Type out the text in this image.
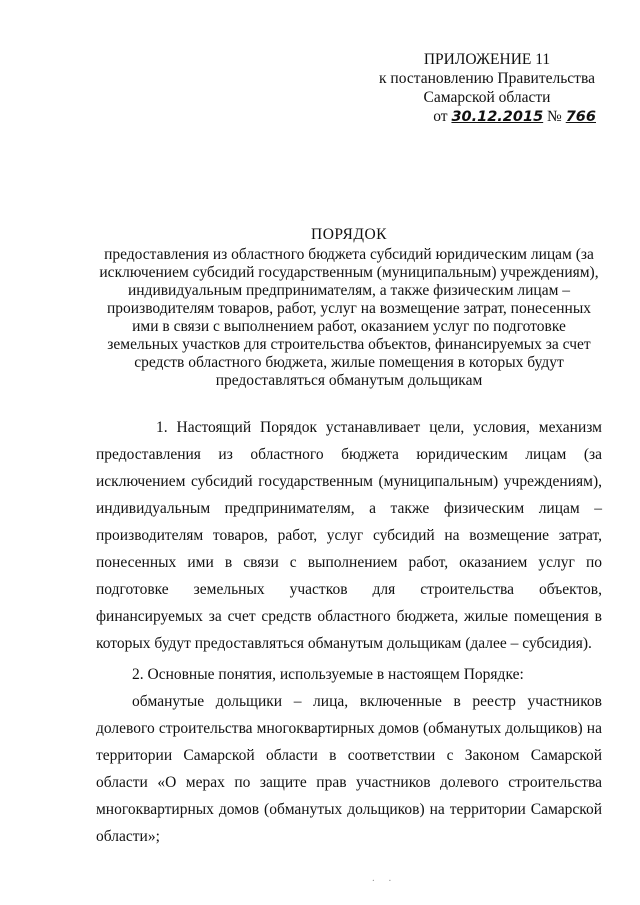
ПРИЛОЖЕНИЕ 11
к постановлению Правительства
Самарской области
от 30.12.2015 № 766
ПОРЯДОК
предоставления из областного бюджета субсидий юридическим лицам (за исключением субсидий государственным (муниципальным) учреждениям), индивидуальным предпринимателям, а также физическим лицам – производителям товаров, работ, услуг на возмещение затрат, понесенных ими в связи с выполнением работ, оказанием услуг по подготовке земельных участков для строительства объектов, финансируемых за счет средств областного бюджета, жилые помещения в которых будут предоставляться обманутым дольщикам

1. Настоящий Порядок устанавливает цели, условия, механизм предоставления из областного бюджета юридическим лицам (за исключением субсидий государственным (муниципальным) учреждениям), индивидуальным предпринимателям, а также физическим лицам – производителям товаров, работ, услуг субсидий на возмещение затрат, понесенных ими в связи с выполнением работ, оказанием услуг по подготовке земельных участков для строительства объектов, финансируемых за счет средств областного бюджета, жилые помещения в которых будут предоставляться обманутым дольщикам (далее – субсидия).

2. Основные понятия, используемые в настоящем Порядке:

обманутые дольщики – лица, включенные в реестр участников долевого строительства многоквартирных домов (обманутых дольщиков) на территории Самарской области в соответствии с Законом Самарской области «О мерах по защите прав участников долевого строительства многоквартирных домов (обманутых дольщиков) на территории Самарской области»;

.     .
